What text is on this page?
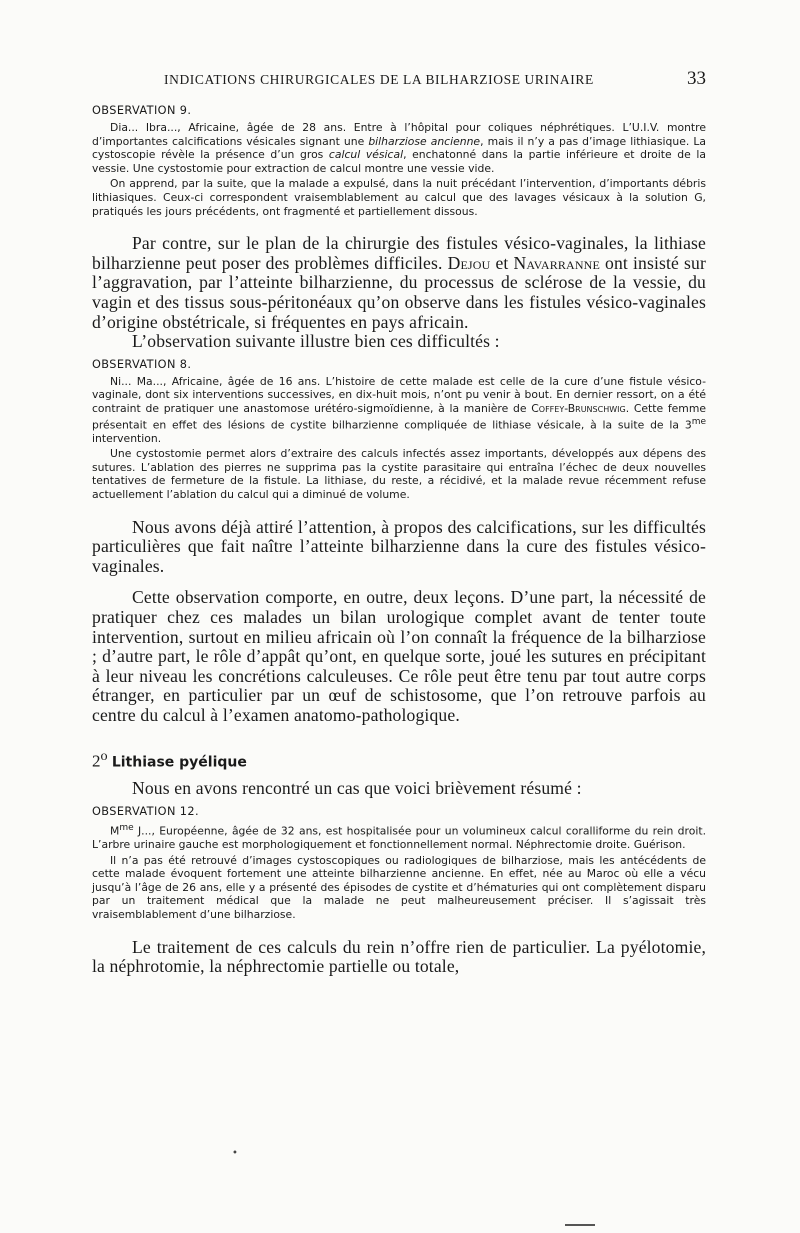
INDICATIONS CHIRURGICALES DE LA BILHARZIOSE URINAIRE	33
OBSERVATION 9.

Dia... Ibra..., Africaine, âgée de 28 ans. Entre à l’hôpital pour coliques néphrétiques. L’U.I.V. montre d’importantes calcifications vésicales signant une bilharziose ancienne, mais il n’y a pas d’image lithiasique. La cystoscopie révèle la présence d’un gros calcul vésical, enchatonné dans la partie inférieure et droite de la vessie. Une cystostomie pour extraction de calcul montre une vessie vide.

On apprend, par la suite, que la malade a expulsé, dans la nuit précédant l’intervention, d’importants débris lithiasiques. Ceux-ci correspondent vraisemblablement au calcul que des lavages vésicaux à la solution G, pratiqués les jours précédents, ont fragmenté et partiellement dissous.

Par contre, sur le plan de la chirurgie des fistules vésico-vaginales, la lithiase bilharzienne peut poser des problèmes difficiles. Dejou et Navarranne ont insisté sur l’aggravation, par l’atteinte bilharzienne, du processus de sclérose de la vessie, du vagin et des tissus sous-péritonéaux qu’on observe dans les fistules vésico-vaginales d’origine obstétricale, si fréquentes en pays africain.

L’observation suivante illustre bien ces difficultés :

OBSERVATION 8.

Ni... Ma..., Africaine, âgée de 16 ans. L’histoire de cette malade est celle de la cure d’une fistule vésico-vaginale, dont six interventions successives, en dix-huit mois, n’ont pu venir à bout. En dernier ressort, on a été contraint de pratiquer une anastomose urétéro-sigmoïdienne, à la manière de Coffey-Brunschwig. Cette femme présentait en effet des lésions de cystite bilharzienne compliquée de lithiase vésicale, à la suite de la $3^{me}$ intervention.

Une cystostomie permet alors d’extraire des calculs infectés assez importants, développés aux dépens des sutures. L’ablation des pierres ne supprima pas la cystite parasitaire qui entraîna l’échec de deux nouvelles tentatives de fermeture de la fistule. La lithiase, du reste, a récidivé, et la malade revue récemment refuse actuellement l’ablation du calcul qui a diminué de volume.

Nous avons déjà attiré l’attention, à propos des calcifications, sur les difficultés particulières que fait naître l’atteinte bilharzienne dans la cure des fistules vésico-vaginales.

Cette observation comporte, en outre, deux leçons. D’une part, la nécessité de pratiquer chez ces malades un bilan urologique complet avant de tenter toute intervention, surtout en milieu africain où l’on connaît la fréquence de la bilharziose ; d’autre part, le rôle d’appât qu’ont, en quelque sorte, joué les sutures en précipitant à leur niveau les concrétions calculeuses. Ce rôle peut être tenu par tout autre corps étranger, en particulier par un œuf de schistosome, que l’on retrouve parfois au centre du calcul à l’examen anatomo-pathologique.

2$^o$ Lithiase pyélique

Nous en avons rencontré un cas que voici brièvement résumé :

OBSERVATION 12.

$M^{me}$ J..., Européenne, âgée de 32 ans, est hospitalisée pour un volumineux calcul coralliforme du rein droit. L’arbre urinaire gauche est morphologiquement et fonctionnellement normal. Néphrectomie droite. Guérison.

Il n’a pas été retrouvé d’images cystoscopiques ou radiologiques de bilharziose, mais les antécédents de cette malade évoquent fortement une atteinte bilharzienne ancienne. En effet, née au Maroc où elle a vécu jusqu’à l’âge de 26 ans, elle y a présenté des épisodes de cystite et d’hématuries qui ont complètement disparu par un traitement médical que la malade ne peut malheureusement préciser. Il s’agissait très vraisemblablement d’une bilharziose.

Le traitement de ces calculs du rein n’offre rien de particulier. La pyélotomie, la néphrotomie, la néphrectomie partielle ou totale,

•
